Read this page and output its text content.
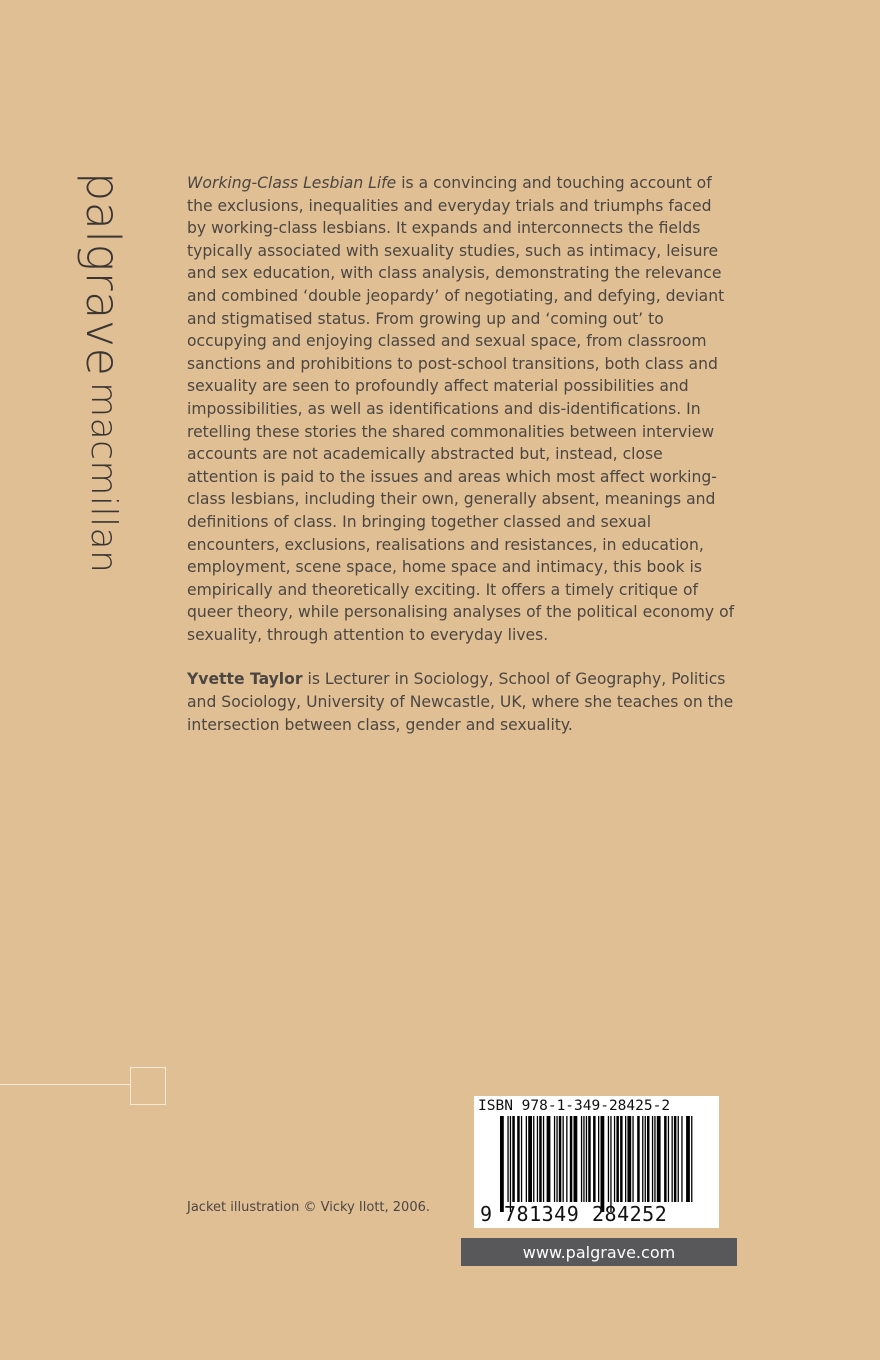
palgrave macmillan

Working-Class Lesbian Life is a convincing and touching account of the exclusions, inequalities and everyday trials and triumphs faced by working-class lesbians. It expands and interconnects the fields typically associated with sexuality studies, such as intimacy, leisure and sex education, with class analysis, demonstrating the relevance and combined ‘double jeopardy’ of negotiating, and defying, deviant and stigmatised status. From growing up and ‘coming out’ to occupying and enjoying classed and sexual space, from classroom sanctions and prohibitions to post-school transitions, both class and sexuality are seen to profoundly affect material possibilities and impossibilities, as well as identifications and dis-identifications. In retelling these stories the shared commonalities between interview accounts are not academically abstracted but, instead, close attention is paid to the issues and areas which most affect working-class lesbians, including their own, generally absent, meanings and definitions of class. In bringing together classed and sexual encounters, exclusions, realisations and resistances, in education, employment, scene space, home space and intimacy, this book is empirically and theoretically exciting. It offers a timely critique of queer theory, while personalising analyses of the political economy of sexuality, through attention to everyday lives.

Yvette Taylor is Lecturer in Sociology, School of Geography, Politics and Sociology, University of Newcastle, UK, where she teaches on the intersection between class, gender and sexuality.

Jacket illustration © Vicky Ilott, 2006.
ISBN 978-1-349-28425-2
9 781349 284252
www.palgrave.com
